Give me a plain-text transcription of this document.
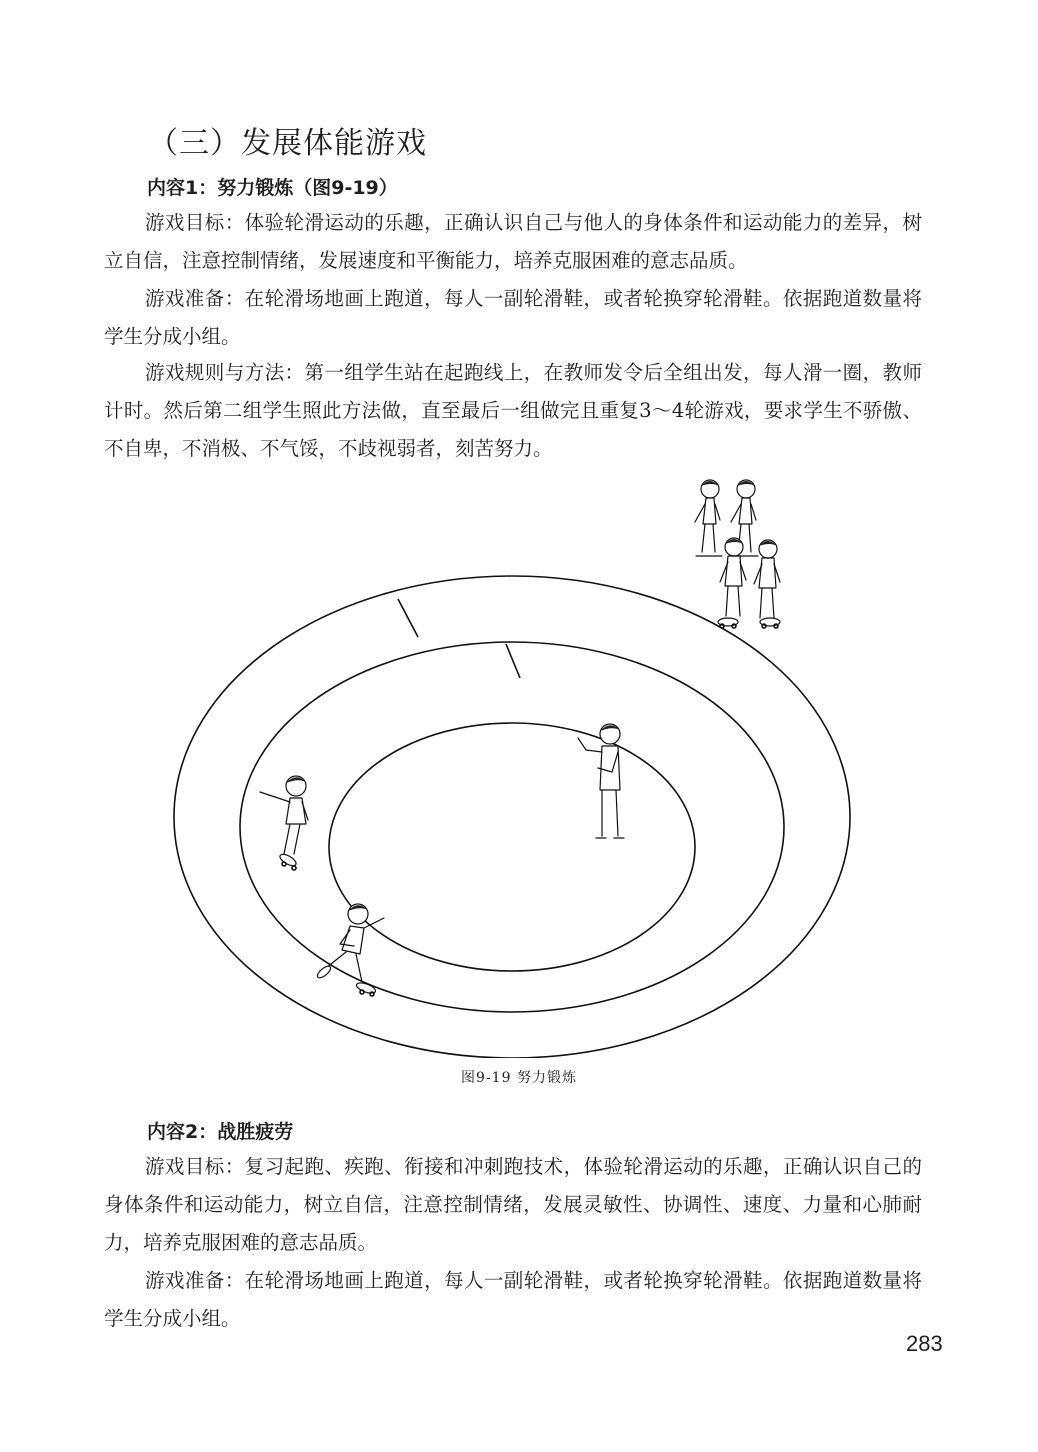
（三）发展体能游戏
内容1：努力锻炼（图9-19）

游戏目标：体验轮滑运动的乐趣，正确认识自己与他人的身体条件和运动能力的差异，树立自信，注意控制情绪，发展速度和平衡能力，培养克服困难的意志品质。

游戏准备：在轮滑场地画上跑道，每人一副轮滑鞋，或者轮换穿轮滑鞋。依据跑道数量将学生分成小组。

游戏规则与方法：第一组学生站在起跑线上，在教师发令后全组出发，每人滑一圈，教师计时。然后第二组学生照此方法做，直至最后一组做完且重复3～4轮游戏，要求学生不骄傲、不自卑，不消极、不气馁，不歧视弱者，刻苦努力。

图9-19 努力锻炼
内容2：战胜疲劳

游戏目标：复习起跑、疾跑、衔接和冲刺跑技术，体验轮滑运动的乐趣，正确认识自己的身体条件和运动能力，树立自信，注意控制情绪，发展灵敏性、协调性、速度、力量和心肺耐力，培养克服困难的意志品质。

游戏准备：在轮滑场地画上跑道，每人一副轮滑鞋，或者轮换穿轮滑鞋。依据跑道数量将学生分成小组。

283
